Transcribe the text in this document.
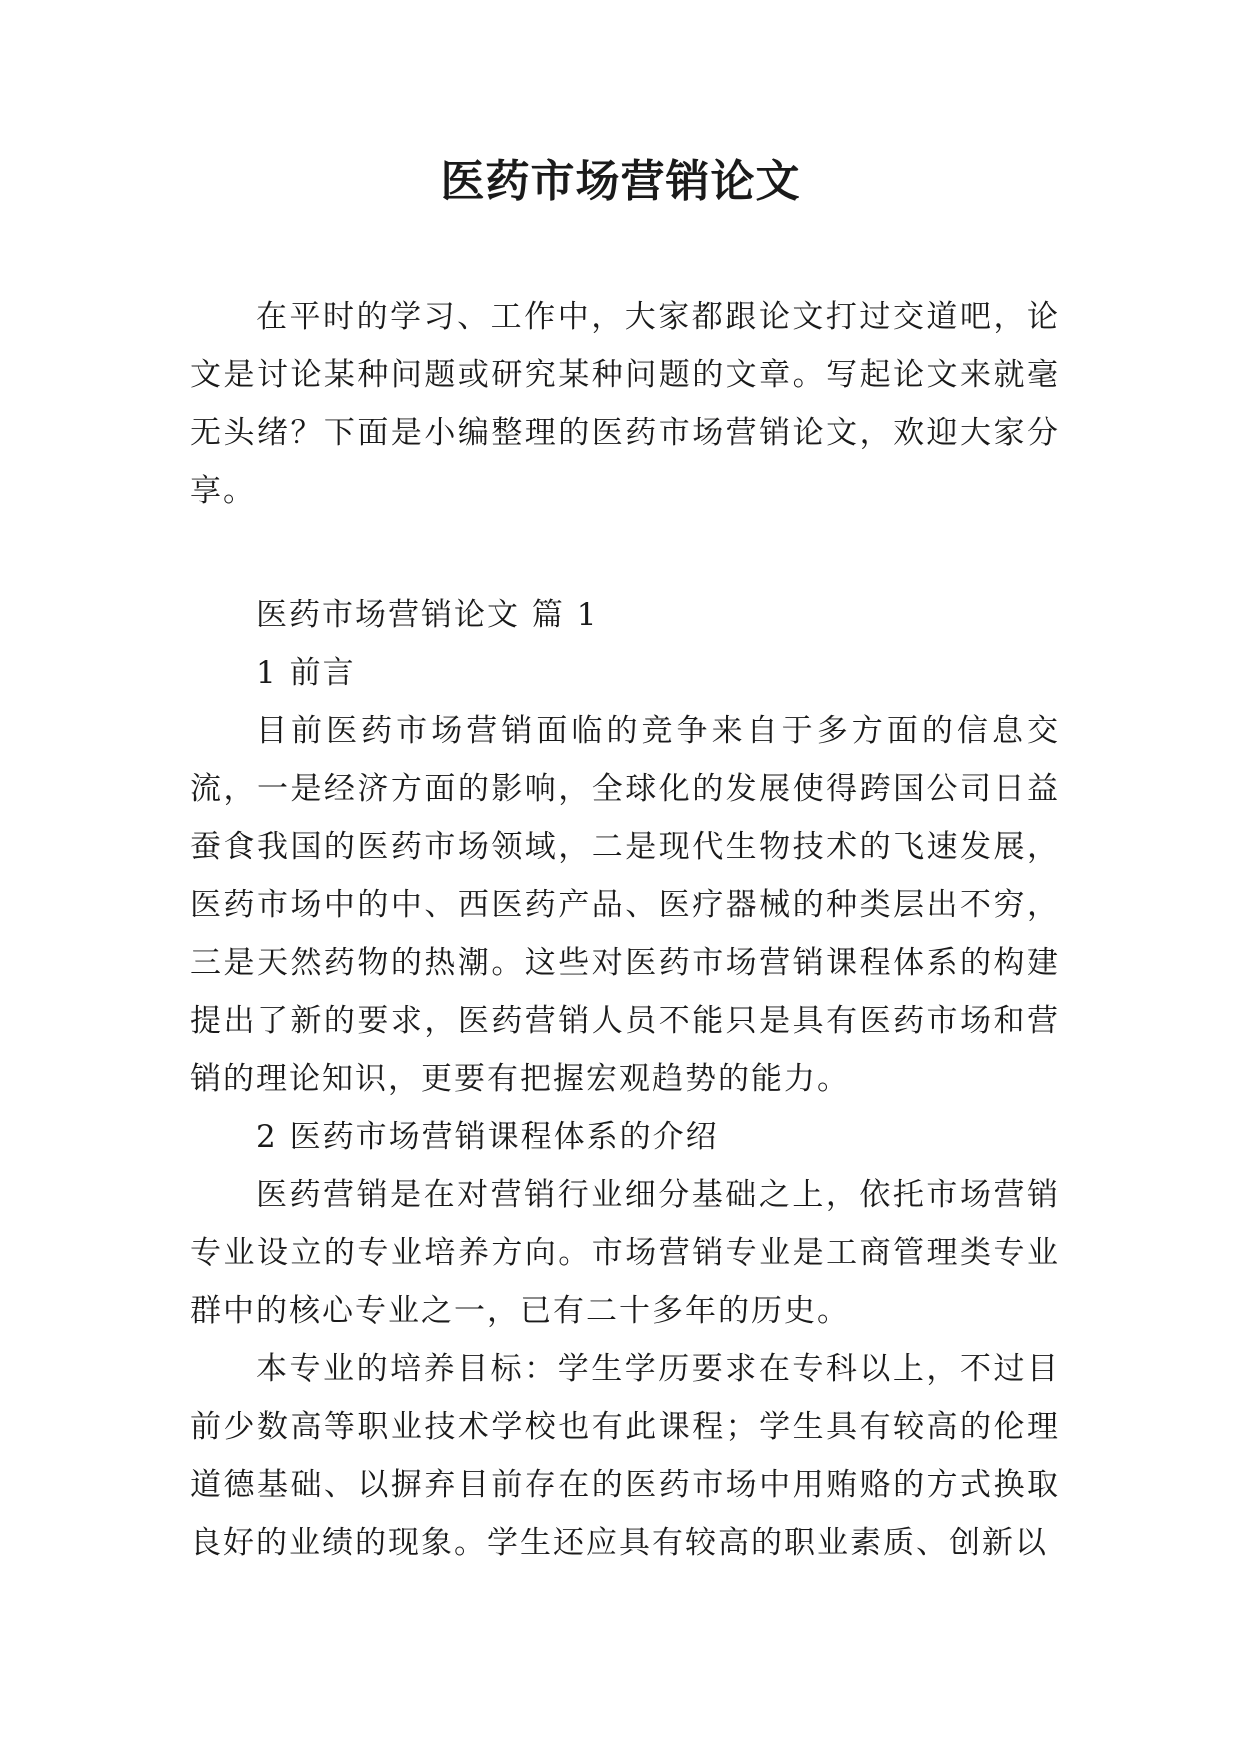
医药市场营销论文

在平时的学习、工作中，大家都跟论文打过交道吧，论文是讨论某种问题或研究某种问题的文章。写起论文来就毫无头绪？下面是小编整理的医药市场营销论文，欢迎大家分享。

医药市场营销论文 篇 1

1 前言

目前医药市场营销面临的竞争来自于多方面的信息交流，一是经济方面的影响，全球化的发展使得跨国公司日益蚕食我国的医药市场领域，二是现代生物技术的飞速发展，医药市场中的中、西医药产品、医疗器械的种类层出不穷，三是天然药物的热潮。这些对医药市场营销课程体系的构建提出了新的要求，医药营销人员不能只是具有医药市场和营销的理论知识，更要有把握宏观趋势的能力。

2 医药市场营销课程体系的介绍

医药营销是在对营销行业细分基础之上，依托市场营销专业设立的专业培养方向。市场营销专业是工商管理类专业群中的核心专业之一，已有二十多年的历史。

本专业的培养目标：学生学历要求在专科以上，不过目前少数高等职业技术学校也有此课程；学生具有较高的伦理道德基础、以摒弃目前存在的医药市场中用贿赂的方式换取良好的业绩的现象。学生还应具有较高的职业素质、创新以
